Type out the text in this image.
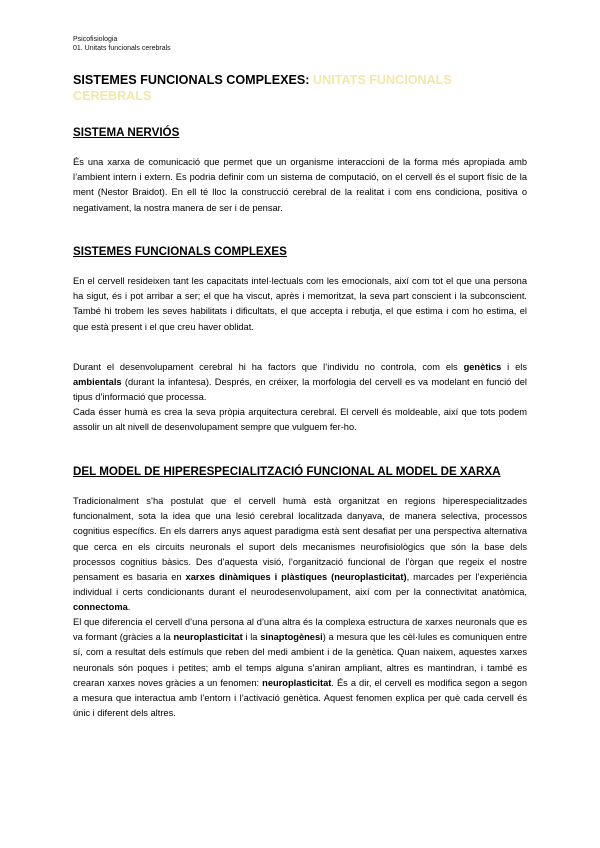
Psicofisiologia
01. Unitats funcionals cerebrals
SISTEMES FUNCIONALS COMPLEXES: UNITATS FUNCIONALS CEREBRALS
SISTEMA NERVIÓS
És una xarxa de comunicació que permet que un organisme interaccioni de la forma més apropiada amb l’ambient intern i extern. Es podria definir com un sistema de computació, on el cervell és el suport físic de la ment (Nestor Braidot). En ell té lloc la construcció cerebral de la realitat i com ens condiciona, positiva o negativament, la nostra manera de ser i de pensar.
SISTEMES FUNCIONALS COMPLEXES
En el cervell resideixen tant les capacitats intel·lectuals com les emocionals, així com tot el que una persona ha sigut, és i pot arribar a ser; el que ha viscut, après i memoritzat, la seva part conscient i la subconscient. També hi trobem les seves habilitats i dificultats, el que accepta i rebutja, el que estima i com ho estima, el que està present i el que creu haver oblidat.
Durant el desenvolupament cerebral hi ha factors que l’individu no controla, com els genètics i els ambientals (durant la infantesa). Després, en créixer, la morfologia del cervell es va modelant en funció del tipus d’informació que processa.
Cada ésser humà es crea la seva pròpia arquitectura cerebral. El cervell és moldeable, així que tots podem assolir un alt nivell de desenvolupament sempre que vulguem fer-ho.
DEL MODEL DE HIPERESPECIALITZACIÓ FUNCIONAL AL MODEL DE XARXA
Tradicionalment s’ha postulat que el cervell humà està organitzat en regions hiperespecialitzades funcionalment, sota la idea que una lesió cerebral localitzada danyava, de manera selectiva, processos cognitius específics. En els darrers anys aquest paradigma està sent desafiat per una perspectiva alternativa que cerca en els circuits neuronals el suport dels mecanismes neurofisiològics que són la base dels processos cognitius bàsics. Des d’aquesta visió, l’organització funcional de l’òrgan que regeix el nostre pensament es basaria en xarxes dinàmiques i plàstiques (neuroplasticitat), marcades per l’experiència individual i certs condicionants durant el neurodesenvolupament, així com per la connectivitat anatòmica, connectoma.
El que diferencia el cervell d’una persona al d’una altra és la complexa estructura de xarxes neuronals que es va formant (gràcies a la neuroplasticitat i la sinaptogènesi) a mesura que les cèl·lules es comuniquen entre sí, com a resultat dels estímuls que reben del medi ambient i de la genètica. Quan naixem, aquestes xarxes neuronals són poques i petites; amb el temps alguna s’aniran ampliant, altres es mantindran, i també es crearan xarxes noves gràcies a un fenomen: neuroplasticitat. És a dir, el cervell es modifica segon a segon a mesura que interactua amb l’entorn i l’activació genètica. Aquest fenomen explica per què cada cervell és únic i diferent dels altres.
